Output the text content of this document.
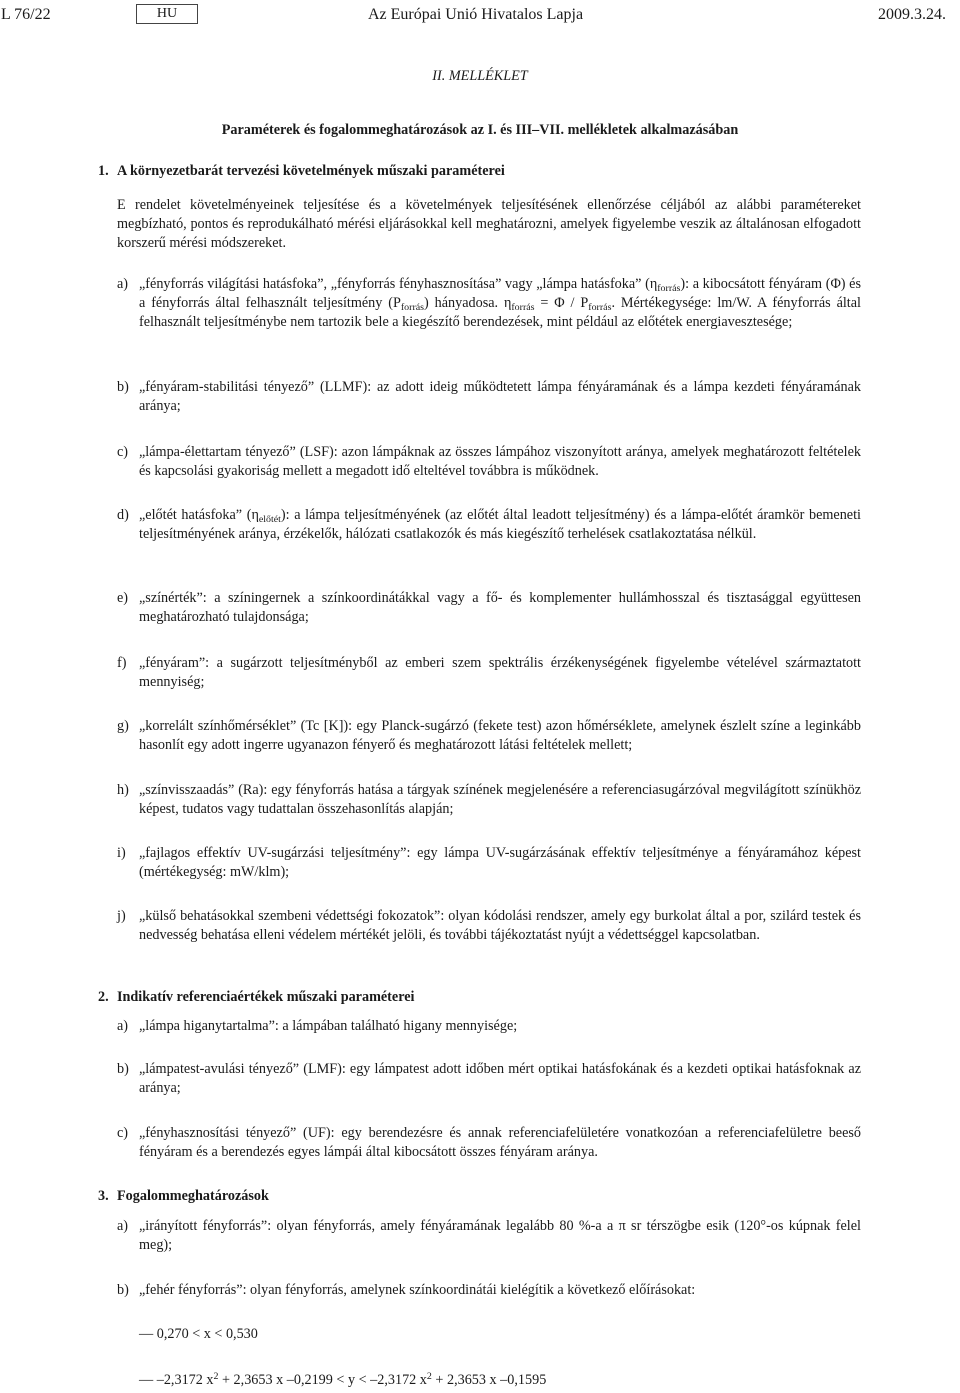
L 76/22	HU	Az Európai Unió Hivatalos Lapja	2009.3.24.
II. MELLÉKLET
Paraméterek és fogalommeghatározások az I. és III–VII. mellékletek alkalmazásában
1. A környezetbarát tervezési követelmények műszaki paraméterei
E rendelet követelményeinek teljesítése és a követelmények teljesítésének ellenőrzése céljából az alábbi paramétereket megbízható, pontos és reprodukálható mérési eljárásokkal kell meghatározni, amelyek figyelembe veszik az általánosan elfogadott korszerű mérési módszereket.
a) „fényforrás világítási hatásfoka”, „fényforrás fényhasznosítása” vagy „lámpa hatásfoka” $(\eta_{forrás})$: a kibocsátott fényáram (Φ) és a fényforrás által felhasznált teljesítmény $(P_{forrás})$ hányadosa. $\eta_{forrás} = \Phi / P_{forrás}$. Mértékegysége: lm/W. A fényforrás által felhasznált teljesítménybe nem tartozik bele a kiegészítő berendezések, mint például az előtétek energiavesztesége;
b) „fényáram-stabilitási tényező” (LLMF): az adott ideig működtetett lámpa fényáramának és a lámpa kezdeti fényáramának aránya;
c) „lámpa-élettartam tényező” (LSF): azon lámpáknak az összes lámpához viszonyított aránya, amelyek meghatározott feltételek és kapcsolási gyakoriság mellett a megadott idő elteltével továbbra is működnek.
d) „előtét hatásfoka” $(\eta_{előtét})$: a lámpa teljesítményének (az előtét által leadott teljesítmény) és a lámpa-előtét áramkör bemeneti teljesítményének aránya, érzékelők, hálózati csatlakozók és más kiegészítő terhelések csatlakoztatása nélkül.
e) „színérték”: a színingernek a színkoordinátákkal vagy a fő- és komplementer hullámhosszal és tisztasággal együttesen meghatározható tulajdonsága;
f) „fényáram”: a sugárzott teljesítményből az emberi szem spektrális érzékenységének figyelembe vételével származtatott mennyiség;
g) „korrelált színhőmérséklet” (Tc [K]): egy Planck-sugárzó (fekete test) azon hőmérséklete, amelynek észlelt színe a leginkább hasonlít egy adott ingerre ugyanazon fényerő és meghatározott látási feltételek mellett;
h) „színvisszaadás” (Ra): egy fényforrás hatása a tárgyak színének megjelenésére a referenciasugárzóval megvilágított színükhöz képest, tudatos vagy tudattalan összehasonlítás alapján;
i) „fajlagos effektív UV-sugárzási teljesítmény”: egy lámpa UV-sugárzásának effektív teljesítménye a fényáramához képest (mértékegység: mW/klm);
j) „külső behatásokkal szembeni védettségi fokozatok”: olyan kódolási rendszer, amely egy burkolat által a por, szilárd testek és nedvesség behatása elleni védelem mértékét jelöli, és további tájékoztatást nyújt a védettséggel kapcsolatban.
2. Indikatív referenciaértékek műszaki paraméterei
a) „lámpa higanytartalma”: a lámpában található higany mennyisége;
b) „lámpatest-avulási tényező” (LMF): egy lámpatest adott időben mért optikai hatásfokának és a kezdeti optikai hatásfoknak az aránya;
c) „fényhasznosítási tényező” (UF): egy berendezésre és annak referenciafelületére vonatkozóan a referenciafelületre beeső fényáram és a berendezés egyes lámpái által kibocsátott összes fényáram aránya.
3. Fogalommeghatározások
a) „irányított fényforrás”: olyan fényforrás, amely fényáramának legalább 80 %-a a π sr térszögbe esik (120°-os kúpnak felel meg);
b) „fehér fényforrás”: olyan fényforrás, amelynek színkoordinátái kielégítik a következő előírásokat:
— 0,270 < x < 0,530
— –2,3172 $x^2 + 2,3653$ x –0,2199 < y < –2,3172 $x^2 + 2,3653$ x –0,1595
